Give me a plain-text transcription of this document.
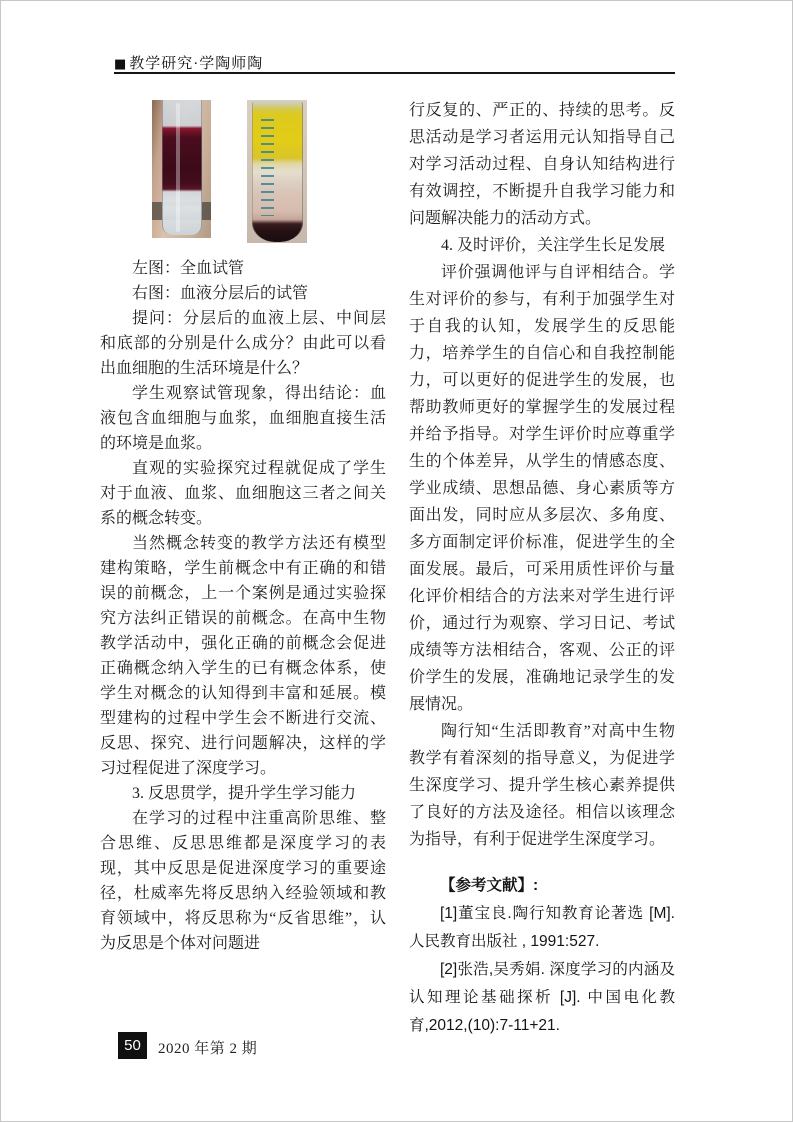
■ 教学研究·学陶师陶

左图：全血试管

右图：血液分层后的试管

提问：分层后的血液上层、中间层和底部的分别是什么成分？由此可以看出血细胞的生活环境是什么？

学生观察试管现象，得出结论：血液包含血细胞与血浆，血细胞直接生活的环境是血浆。

直观的实验探究过程就促成了学生对于血液、血浆、血细胞这三者之间关系的概念转变。

当然概念转变的教学方法还有模型建构策略，学生前概念中有正确的和错误的前概念，上一个案例是通过实验探究方法纠正错误的前概念。在高中生物教学活动中，强化正确的前概念会促进正确概念纳入学生的已有概念体系，使学生对概念的认知得到丰富和延展。模型建构的过程中学生会不断进行交流、反思、探究、进行问题解决，这样的学习过程促进了深度学习。

3. 反思贯学，提升学生学习能力

在学习的过程中注重高阶思维、整合思维、反思思维都是深度学习的表现，其中反思是促进深度学习的重要途径，杜威率先将反思纳入经验领域和教育领域中，将反思称为“反省思维”，认为反思是个体对问题进

行反复的、严正的、持续的思考。反思活动是学习者运用元认知指导自己对学习活动过程、自身认知结构进行有效调控，不断提升自我学习能力和问题解决能力的活动方式。

4. 及时评价，关注学生长足发展

评价强调他评与自评相结合。学生对评价的参与，有利于加强学生对于自我的认知，发展学生的反思能力，培养学生的自信心和自我控制能力，可以更好的促进学生的发展，也帮助教师更好的掌握学生的发展过程并给予指导。对学生评价时应尊重学生的个体差异，从学生的情感态度、学业成绩、思想品德、身心素质等方面出发，同时应从多层次、多角度、多方面制定评价标准，促进学生的全面发展。最后，可采用质性评价与量化评价相结合的方法来对学生进行评价，通过行为观察、学习日记、考试成绩等方法相结合，客观、公正的评价学生的发展，准确地记录学生的发展情况。

陶行知“生活即教育”对高中生物教学有着深刻的指导意义，为促进学生深度学习、提升学生核心素养提供了良好的方法及途径。相信以该理念为指导，有利于促进学生深度学习。

【参考文献】:

[1]董宝良.陶行知教育论著选 [M]. 人民教育出版社 , 1991:527.

[2]张浩,吴秀娟. 深度学习的内涵及认知理论基础探析 [J]. 中国电化教育,2012,(10):7-11+21.

50	2020 年第 2 期
